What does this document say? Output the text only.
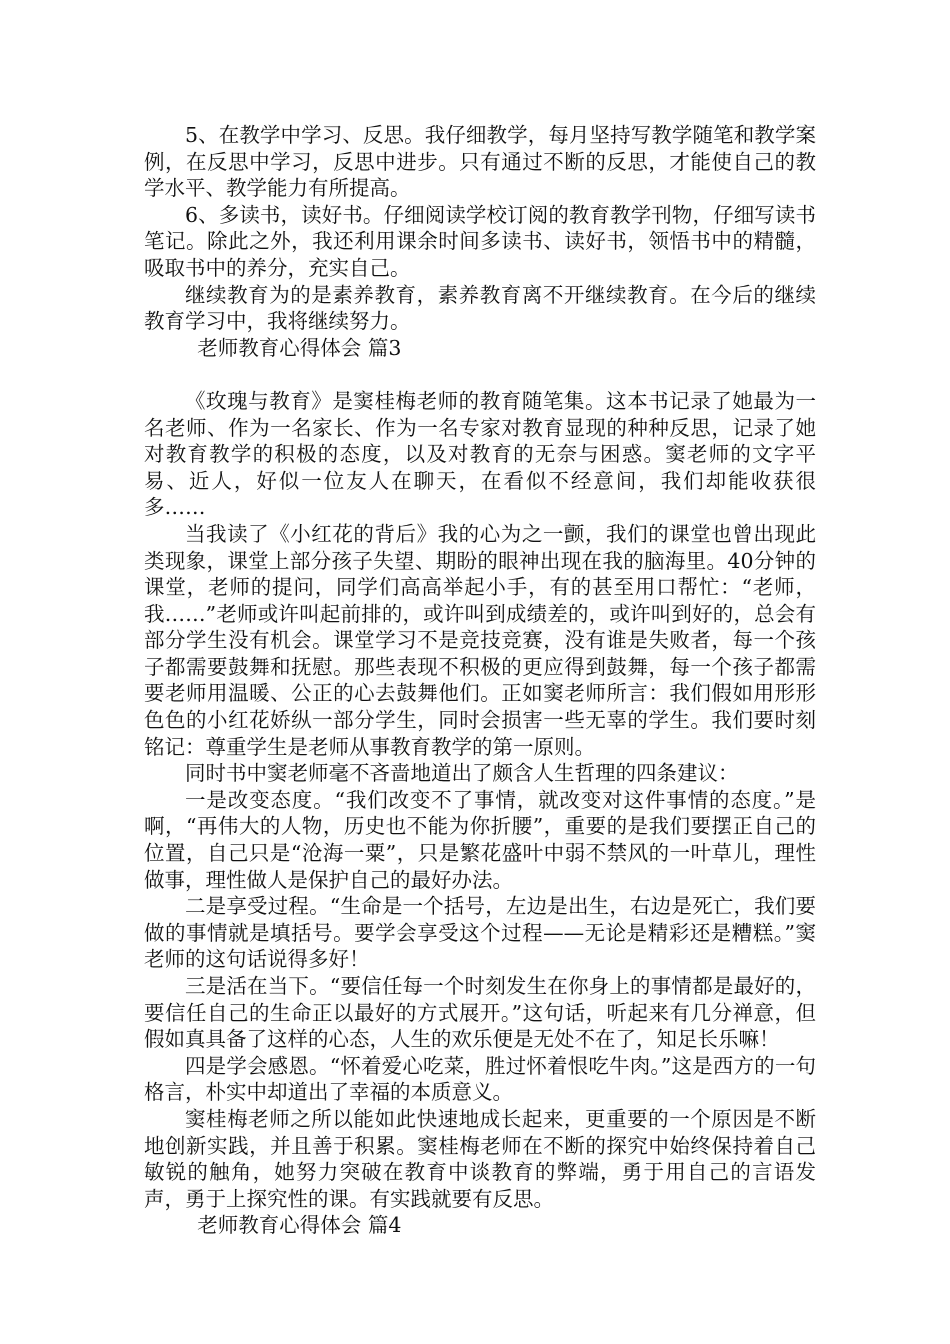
5、在教学中学习、反思。我仔细教学，每月坚持写教学随笔和教学案例，在反思中学习，反思中进步。只有通过不断的反思，才能使自己的教学水平、教学能力有所提高。

6、多读书，读好书。仔细阅读学校订阅的教育教学刊物，仔细写读书笔记。除此之外，我还利用课余时间多读书、读好书，领悟书中的精髓，吸取书中的养分，充实自己。

继续教育为的是素养教育，素养教育离不开继续教育。在今后的继续教育学习中，我将继续努力。

老师教育心得体会 篇3

《玫瑰与教育》是窦桂梅老师的教育随笔集。这本书记录了她最为一名老师、作为一名家长、作为一名专家对教育显现的种种反思，记录了她对教育教学的积极的态度，以及对教育的无奈与困惑。窦老师的文字平易、近人，好似一位友人在聊天，在看似不经意间，我们却能收获很多……

当我读了《小红花的背后》我的心为之一颤，我们的课堂也曾出现此类现象，课堂上部分孩子失望、期盼的眼神出现在我的脑海里。40分钟的课堂，老师的提问，同学们高高举起小手，有的甚至用口帮忙：“老师，我……”老师或许叫起前排的，或许叫到成绩差的，或许叫到好的，总会有部分学生没有机会。课堂学习不是竞技竞赛，没有谁是失败者，每一个孩子都需要鼓舞和抚慰。那些表现不积极的更应得到鼓舞，每一个孩子都需要老师用温暖、公正的心去鼓舞他们。正如窦老师所言：我们假如用形形色色的小红花娇纵一部分学生，同时会损害一些无辜的学生。我们要时刻铭记：尊重学生是老师从事教育教学的第一原则。

同时书中窦老师毫不吝啬地道出了颇含人生哲理的四条建议：

一是改变态度。“我们改变不了事情，就改变对这件事情的态度。”是啊，“再伟大的人物，历史也不能为你折腰”，重要的是我们要摆正自己的位置，自己只是“沧海一粟”，只是繁花盛叶中弱不禁风的一叶草儿，理性做事，理性做人是保护自己的最好办法。

二是享受过程。“生命是一个括号，左边是出生，右边是死亡，我们要做的事情就是填括号。要学会享受这个过程——无论是精彩还是糟糕。”窦老师的这句话说得多好！

三是活在当下。“要信任每一个时刻发生在你身上的事情都是最好的，要信任自己的生命正以最好的方式展开。”这句话，听起来有几分禅意，但假如真具备了这样的心态，人生的欢乐便是无处不在了，知足长乐嘛！

四是学会感恩。“怀着爱心吃菜，胜过怀着恨吃牛肉。”这是西方的一句格言，朴实中却道出了幸福的本质意义。

窦桂梅老师之所以能如此快速地成长起来，更重要的一个原因是不断地创新实践，并且善于积累。窦桂梅老师在不断的探究中始终保持着自己敏锐的触角，她努力突破在教育中谈教育的弊端，勇于用自己的言语发声，勇于上探究性的课。有实践就要有反思。

老师教育心得体会 篇4
